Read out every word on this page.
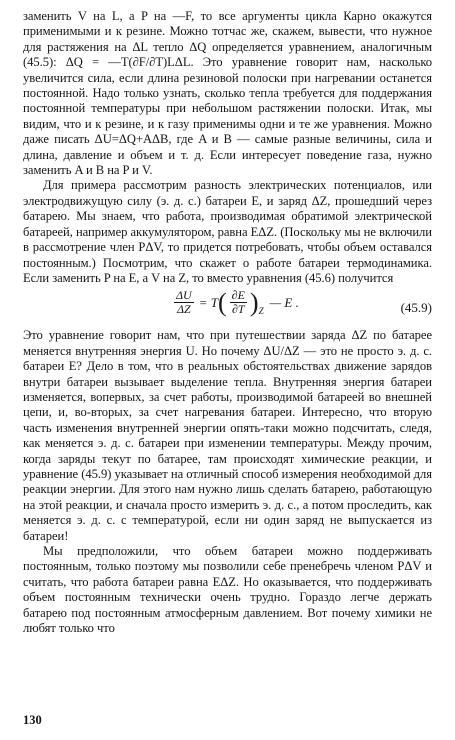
заменить V на L, а P на —F, то все аргументы цикла Карно окажутся применимыми и к резине. Можно тотчас же, скажем, вывести, что нужное для растяжения на ΔL тепло ΔQ определяется уравнением, аналогичным (45.5): ΔQ = —T(∂F/∂T)LΔL. Это уравнение говорит нам, насколько увеличится сила, если длина резиновой полоски при нагревании останется постоянной. Надо только узнать, сколько тепла требуется для поддержания постоянной температуры при небольшом растяжении полоски. Итак, мы видим, что и к резине, и к газу применимы одни и те же уравнения. Можно даже писать ΔU=ΔQ+AΔB, где A и B — самые разные величины, сила и длина, давление и объем и т. д. Если интересует поведение газа, нужно заменить A и B на P и V.

Для примера рассмотрим разность электрических потенциалов, или электродвижущую силу (э. д. с.) батареи E, и заряд ΔZ, прошедший через батарею. Мы знаем, что работа, производимая обратимой электрической батареей, например аккумулятором, равна EΔZ. (Поскольку мы не включили в рассмотрение член PΔV, то придется потребовать, чтобы объем оставался постоянным.) Посмотрим, что скажет о работе батареи термодинамика. Если заменить P на E, а V на Z, то вместо уравнения (45.6) получится

$\frac{\Delta U}{\Delta Z} = T$ ( $\frac{\partial E}{\partial T}$ ) Z
— E .	(45.9)

Это уравнение говорит нам, что при путешествии заряда ΔZ по батарее меняется внутренняя энергия U. Но почему ΔU/ΔZ — это не просто э. д. с. батареи E? Дело в том, что в реальных обстоятельствах движение зарядов внутри батареи вызывает выделение тепла. Внутренняя энергия батареи изменяется, вопервых, за счет работы, производимой батареей во внешней цепи, и, во-вторых, за счет нагревания батареи. Интересно, что вторую часть изменения внутренней энергии опять-таки можно подсчитать, следя, как меняется э. д. с. батареи при изменении температуры. Между прочим, когда заряды текут по батарее, там происходят химические реакции, и уравнение (45.9) указывает на отличный способ измерения необходимой для реакции энергии. Для этого нам нужно лишь сделать батарею, работающую на этой реакции, и сначала просто измерить э. д. с., а потом проследить, как меняется э. д. с. с температурой, если ни один заряд не выпускается из батареи!

Мы предположили, что объем батареи можно поддерживать постоянным, только поэтому мы позволили себе пренебречь членом PΔV и считать, что работа батареи равна EΔZ. Но оказывается, что поддерживать объем постоянным технически очень трудно. Гораздо легче держать батарею под постоянным атмосферным давлением. Вот почему химики не любят только что

130
